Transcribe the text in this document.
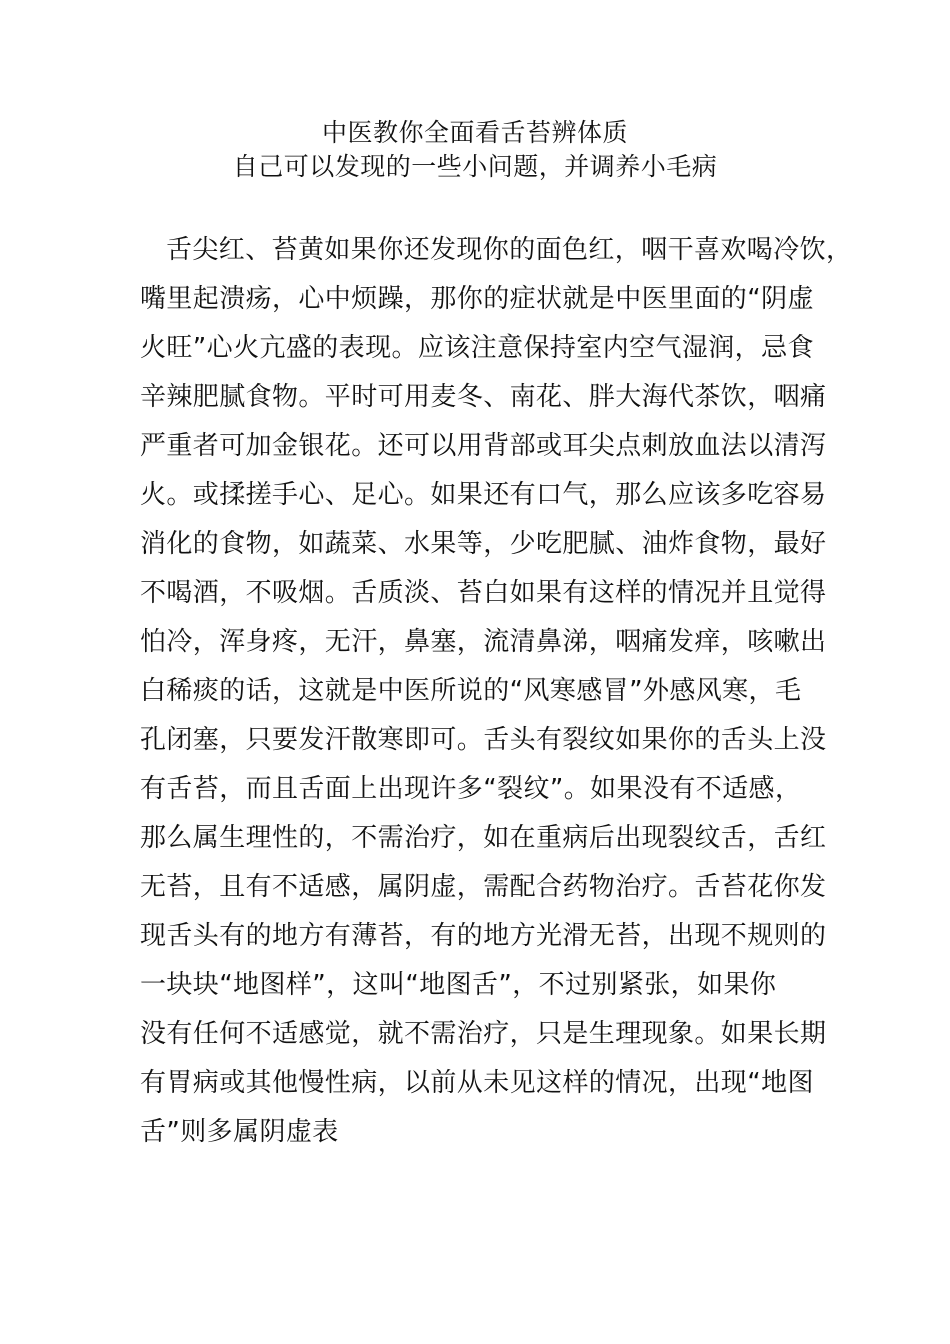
中医教你全面看舌苔辨体质
自己可以发现的一些小问题，并调养小毛病
舌尖红、苔黄如果你还发现你的面色红，咽干喜欢喝冷饮，
嘴里起溃疡，心中烦躁，那你的症状就是中医里面的“阴虚
火旺”心火亢盛的表现。应该注意保持室内空气湿润，忌食
辛辣肥腻食物。平时可用麦冬、南花、胖大海代茶饮，咽痛
严重者可加金银花。还可以用背部或耳尖点刺放血法以清泻
火。或揉搓手心、足心。如果还有口气，那么应该多吃容易
消化的食物，如蔬菜、水果等，少吃肥腻、油炸食物，最好
不喝酒，不吸烟。舌质淡、苔白如果有这样的情况并且觉得
怕冷，浑身疼，无汗，鼻塞，流清鼻涕，咽痛发痒，咳嗽出
白稀痰的话，这就是中医所说的“风寒感冒”外感风寒，毛
孔闭塞，只要发汗散寒即可。舌头有裂纹如果你的舌头上没
有舌苔，而且舌面上出现许多“裂纹”。如果没有不适感，
那么属生理性的，不需治疗，如在重病后出现裂纹舌，舌红
无苔，且有不适感，属阴虚，需配合药物治疗。舌苔花你发
现舌头有的地方有薄苔，有的地方光滑无苔，出现不规则的
一块块“地图样”，这叫“地图舌”，不过别紧张，如果你
没有任何不适感觉，就不需治疗，只是生理现象。如果长期
有胃病或其他慢性病，以前从未见这样的情况，出现“地图
舌”则多属阴虚表
